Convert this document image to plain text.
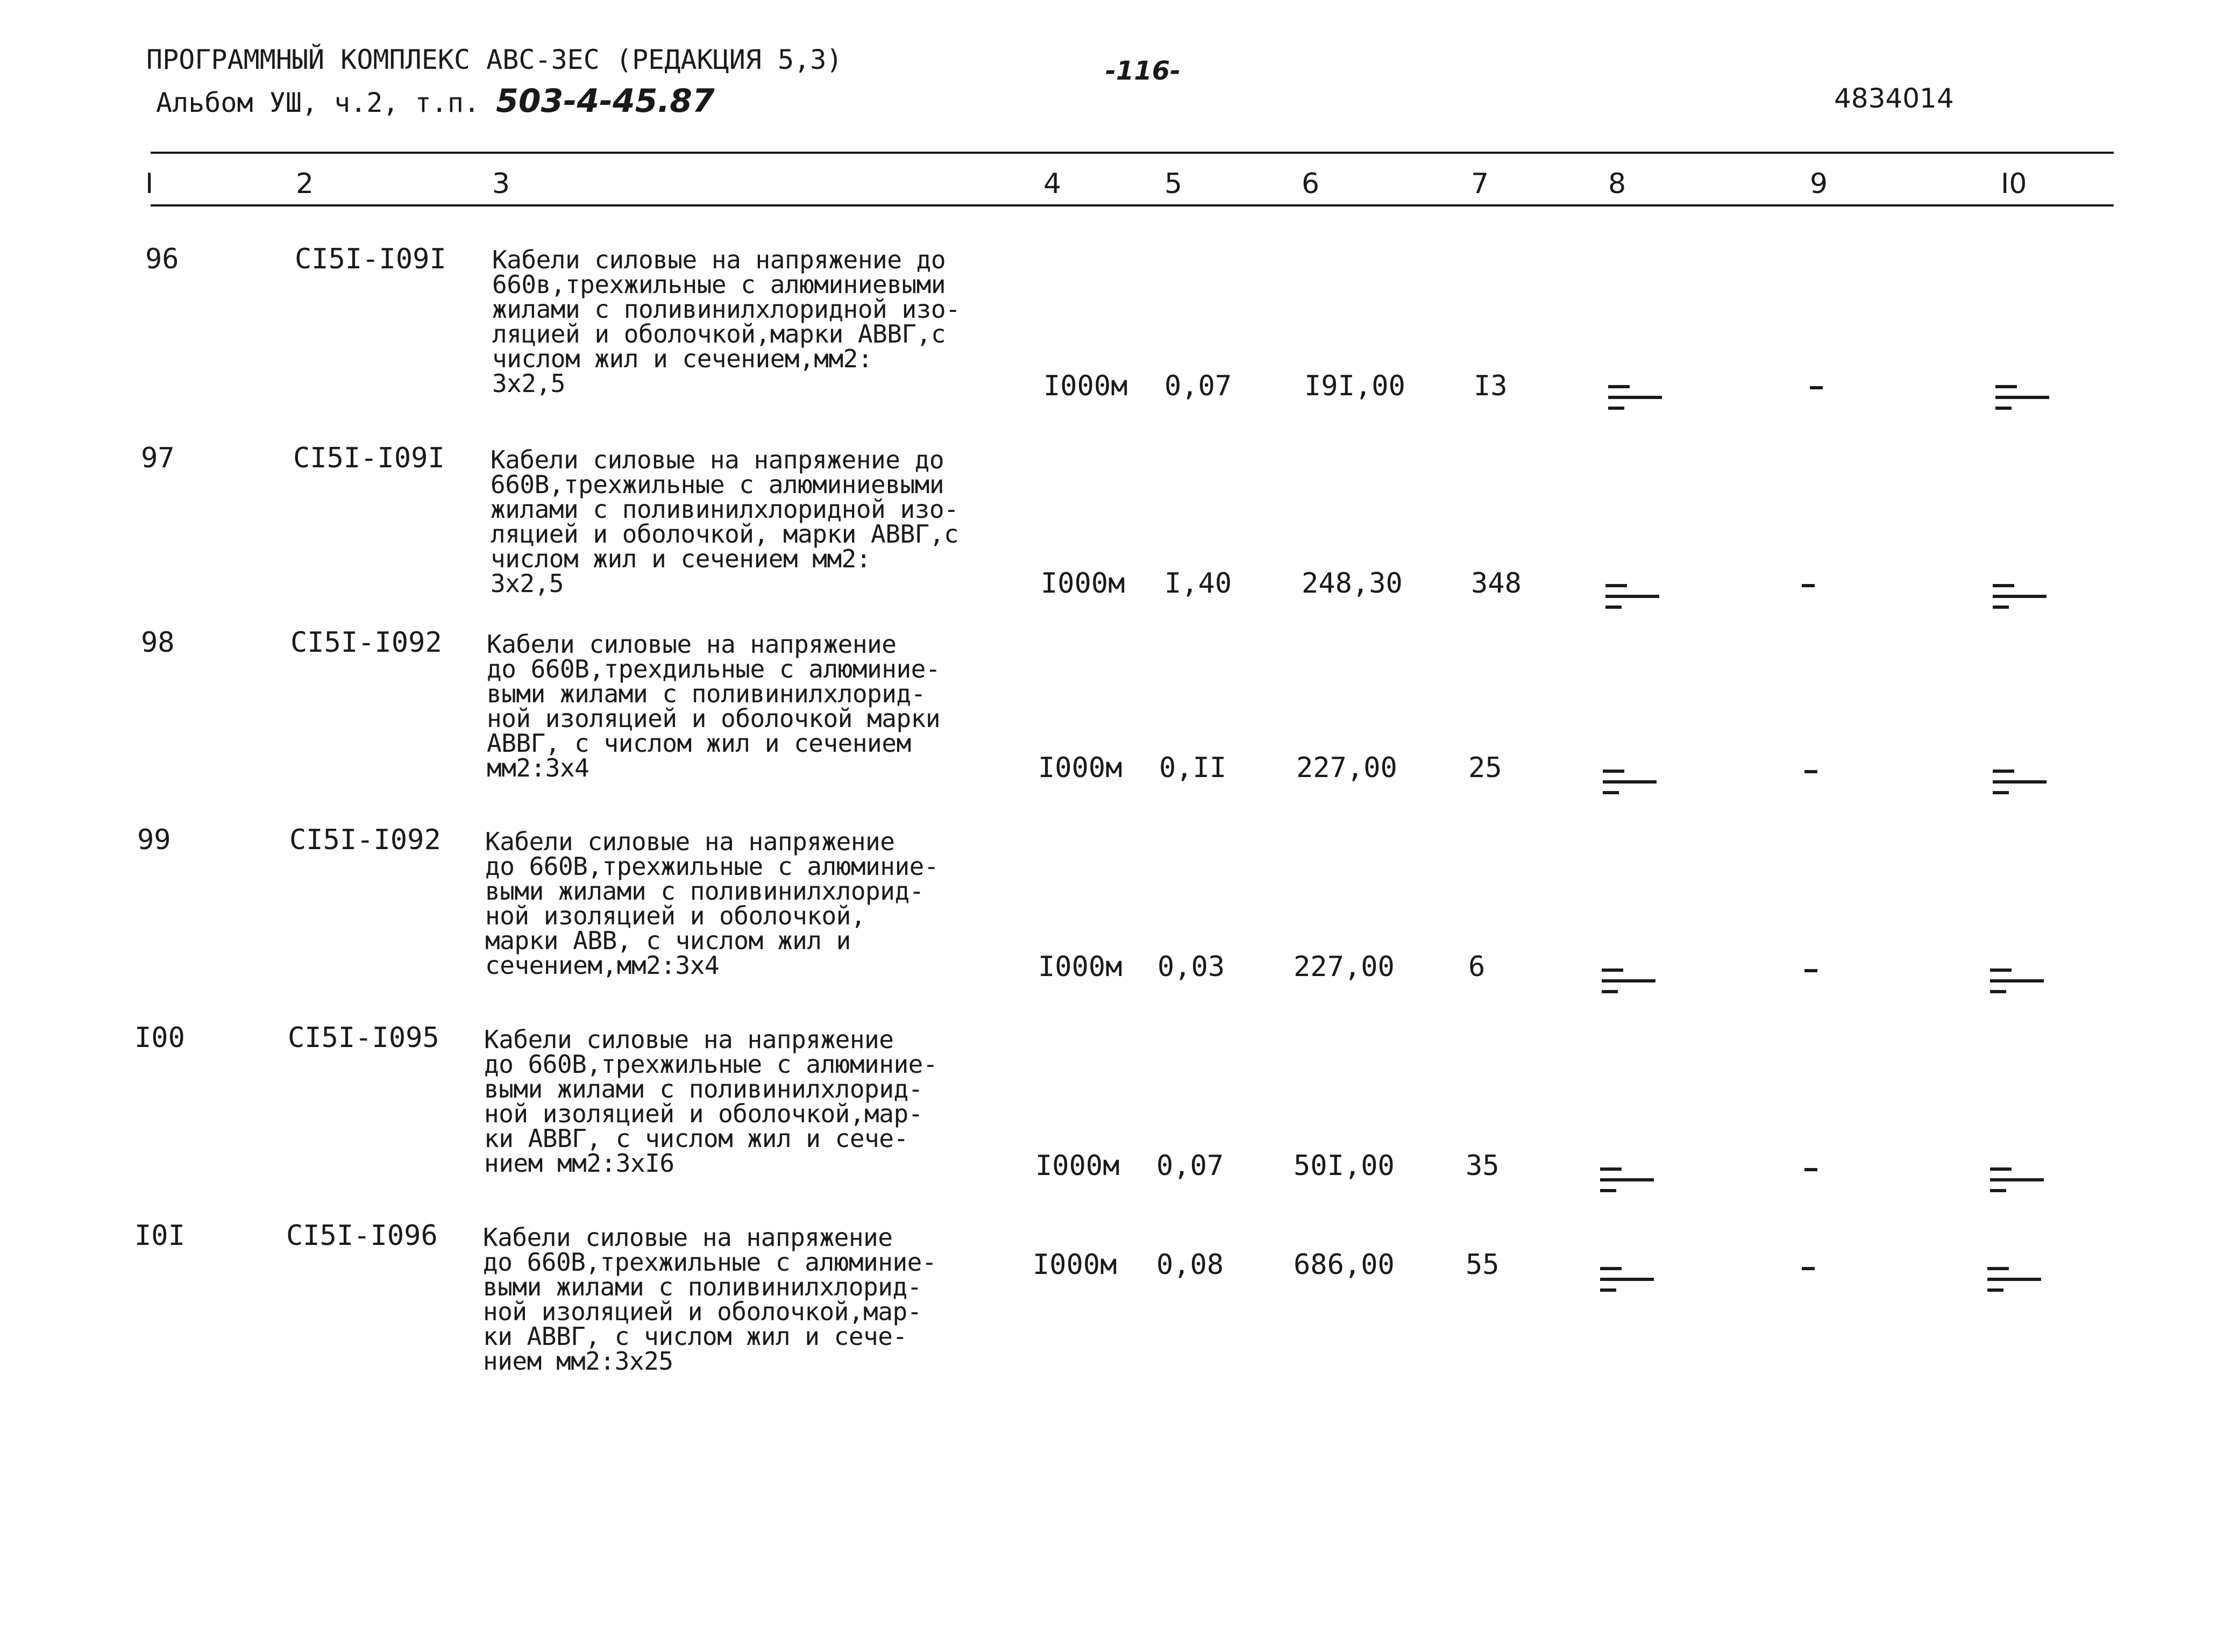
ПРОГРАММНЫЙ КОМПЛЕКС АВС-ЗЕС (РЕДАКЦИЯ 5,3)
Альбом УШ, ч.2, т.п. 503-4-45.87
-116-
4834014
I	2	3	4	5	6	7	8	9	I0
96	CI5I-I09I Кабели силовые на напряжение до
660в,трехжильные с алюминиевыми
жилами с поливинилхлоридной изо-
ляцией и оболочкой,марки АВВГ,с
числом жил и сечением,мм2:
3х2,5	I000м 0,07	I9I,00 I3
97	CI5I-I09I Кабели силовые на напряжение до
660В,трехжильные с алюминиевыми
жилами с поливинилхлоридной изо-
ляцией и оболочкой, марки АВВГ,с
числом жил и сечением мм2:
3х2,5	I000м I,40 248,30 348
98	CI5I-I092 Кабели силовые на напряжение
до 660В,трехдильные с алюминие-
выми жилами с поливинилхлорид-
ной изоляцией и оболочкой марки
АВВГ, с числом жил и сечением
мм2:3х4	I000м 0,II 227,00	25
99	CI5I-I092 Кабели силовые на напряжение
до 660В,трехжильные с алюминие-
выми жилами с поливинилхлорид-
ной изоляцией и оболочкой,
марки АВВ, с числом жил и
сечением,мм2:3х4	I000м 0,03 227,00	6
I00	CI5I-I095 Кабели силовые на напряжение
до 660В,трехжильные с алюминие-
выми жилами с поливинилхлорид-
ной изоляцией и оболочкой,мар-
ки АВВГ, с числом жил и сече-
нием мм2:3хI6	I000м 0,07 50I,00	35
I0I	CI5I-I096 Кабели силовые на напряжение
до 660В,трехжильные с алюминие-
выми жилами с поливинилхлорид-
ной изоляцией и оболочкой,мар-
ки АВВГ, с числом жил и сече-
нием мм2:3х25
I000м 0,08 686,00	55
